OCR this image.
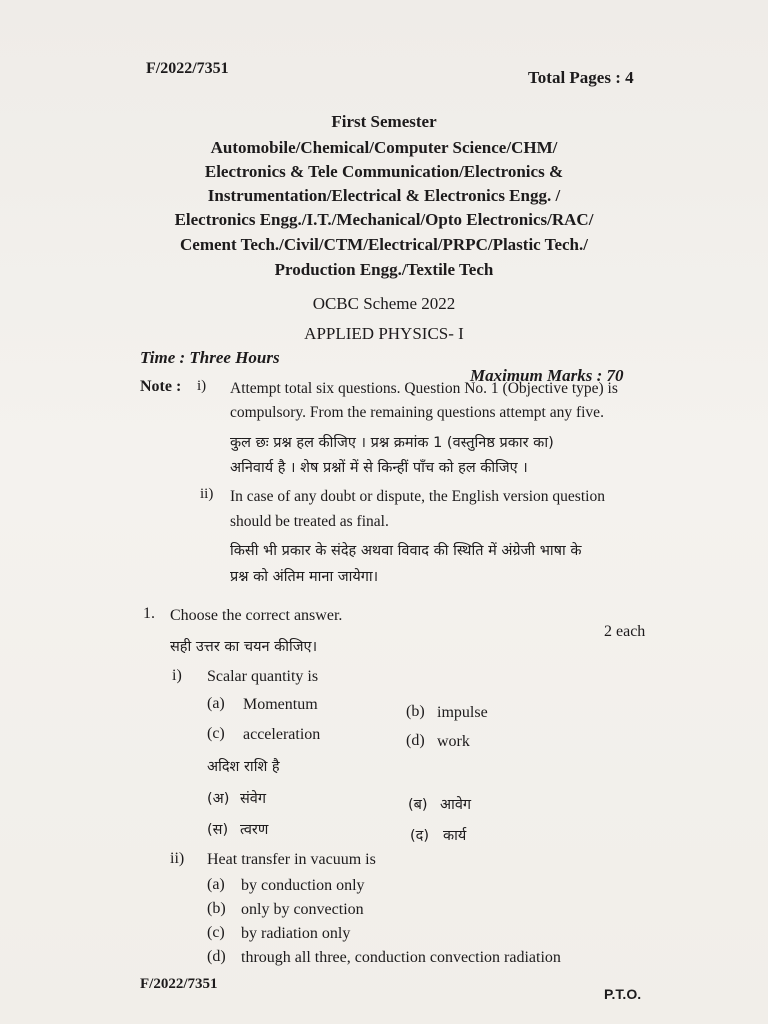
F/2022/7351	Total Pages : 4
First Semester
Automobile/Chemical/Computer Science/CHM/
Electronics & Tele Communication/Electronics &
Instrumentation/Electrical & Electronics Engg. /
Electronics Engg./I.T./Mechanical/Opto Electronics/RAC/
Cement Tech./Civil/CTM/Electrical/PRPC/Plastic Tech./
Production Engg./Textile Tech
OCBC Scheme 2022
APPLIED PHYSICS- I
Time : Three Hours
Maximum Marks : 70
Note : i) Attempt total six questions. Question No. 1 (Objective type) is
compulsory. From the remaining questions attempt any five.
कुल छः प्रश्न हल कीजिए । प्रश्न क्रमांक 1 (वस्तुनिष्ठ प्रकार का)
अनिवार्य है । शेष प्रश्नों में से किन्हीं पाँच को हल कीजिए ।
ii) In case of any doubt or dispute, the English version question
should be treated as final.
किसी भी प्रकार के संदेह अथवा विवाद की स्थिति में अंग्रेजी भाषा के
प्रश्न को अंतिम माना जायेगा।
1. Choose the correct answer.
2 each
सही उत्तर का चयन कीजिए।
i) Scalar quantity is
(a) Momentum	(b) impulse
(c) acceleration	(d) work
अदिश राशि है
(अ) संवेग	(ब) आवेग
(स) त्वरण	(द) कार्य
ii) Heat transfer in vacuum is
(a) by conduction only
(b) only by convection
(c) by radiation only
(d) through all three, conduction convection radiation
F/2022/7351
P.T.O.
